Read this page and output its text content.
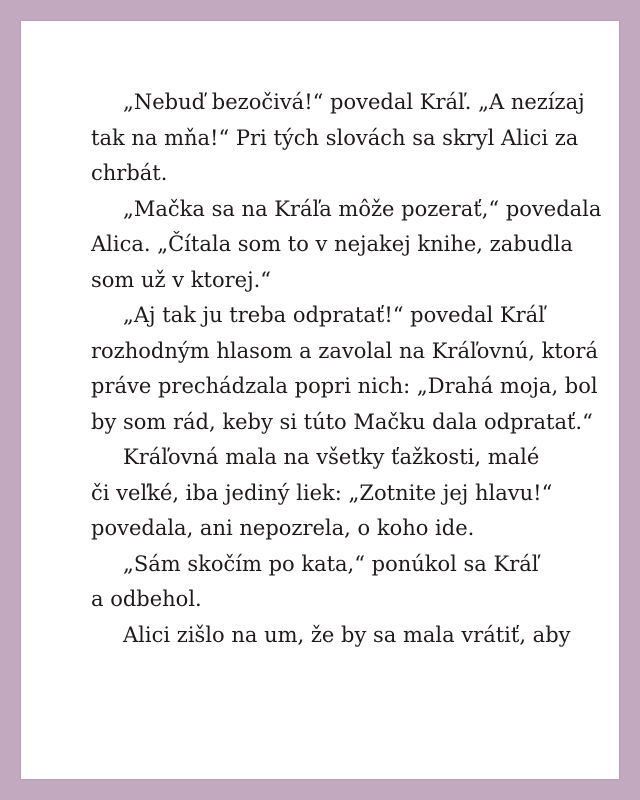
„Nebuď bezočivá!“ povedal Kráľ. „A nezízaj
tak na mňa!“ Pri tých slovách sa skryl Alici za
chrbát.
„Mačka sa na Kráľa môže pozerať,“ povedala
Alica. „Čítala som to v nejakej knihe, zabudla
som už v ktorej.“
„Aj tak ju treba odpratať!“ povedal Kráľ
rozhodným hlasom a zavolal na Kráľovnú, ktorá
práve prechádzala popri nich: „Drahá moja, bol
by som rád, keby si túto Mačku dala odpratať.“
Kráľovná mala na všetky ťažkosti, malé
či veľké, iba jediný liek: „Zotnite jej hlavu!“
povedala, ani nepozrela, o koho ide.
„Sám skočím po kata,“ ponúkol sa Kráľ
a odbehol.
Alici zišlo na um, že by sa mala vrátiť, aby
